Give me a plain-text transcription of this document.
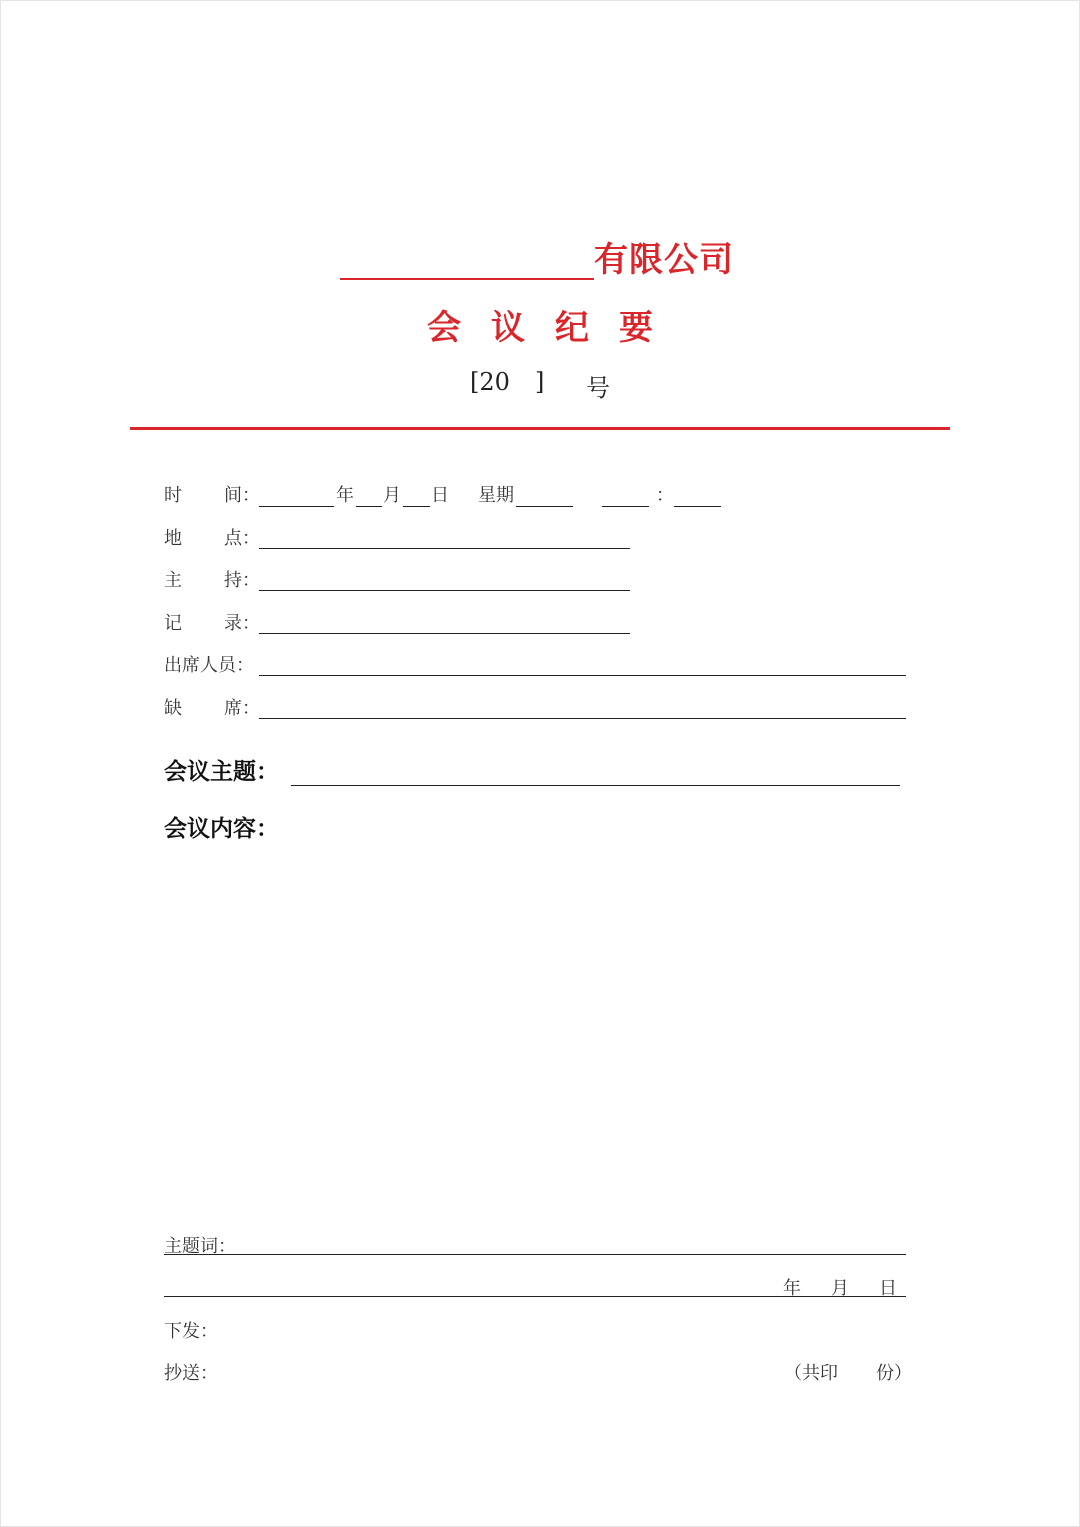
有限公司
会议纪要
[20 ] 号
时 间：	年 月 日 星期	：
地 点：
主 持：
记 录：
出席人员：
缺 席：
会议主题：
会议内容：
主题词：
年 月 日
下发：
抄送：	（共印 份）
